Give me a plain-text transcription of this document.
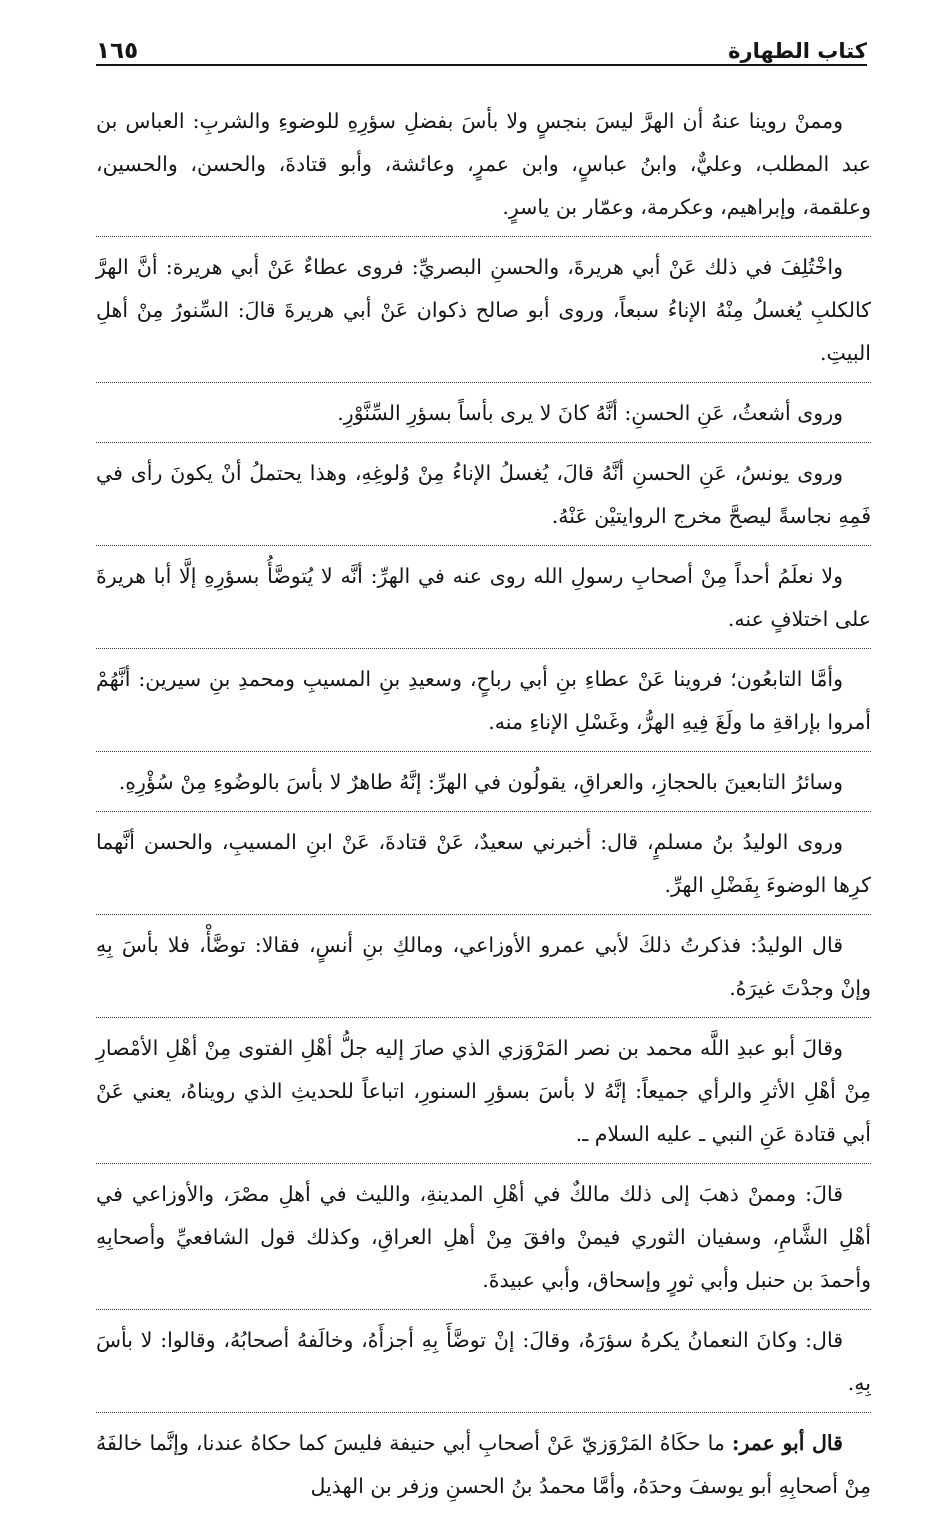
كتاب الطهارة
١٦٥

وممنْ روينا عنهُ أن الهرَّ ليسَ بنجسٍ ولا بأسَ بفضلِ سؤرِهِ للوضوءِ والشربِ: العباس بن عبد المطلب، وعليٌّ، وابنُ عباسٍ، وابن عمرٍ، وعائشة، وأبو قتادةَ، والحسن، والحسين، وعلقمة، وإبراهيم، وعكرمة، وعمّار بن ياسرٍ.

واخْتُلِفَ في ذلك عَنْ أبي هريرةَ، والحسنِ البصريِّ: فروى عطاءٌ عَنْ أبي هريرة: أنَّ الهرَّ كالكلبِ يُغسلُ مِنْهُ الإناءُ سبعاً، وروى أبو صالح ذكوان عَنْ أبي هريرةَ قالَ: السِّنورُ مِنْ أهلِ البيتِ.

وروى أشعثُ، عَنِ الحسنِ: أنَّهُ كانَ لا يرى بأساً بسؤرِ السِّنَّوْرِ.

وروى يونسُ، عَنِ الحسنِ أنَّهُ قالَ، يُغسلُ الإناءُ مِنْ وُلوغِهِ، وهذا يحتملُ أنْ يكونَ رأى في فَمِهِ نجاسةً ليصحَّ مخرج الروايتيْن عَنْهُ.

ولا نعلَمُ أحداً مِنْ أصحابِ رسولِ الله روى عنه في الهرِّ: أنَّه لا يُتوضَّأُ بسؤرِهِ إلَّا أبا هريرةَ على اختلافٍ عنه.

وأمَّا التابعُون؛ فروينا عَنْ عطاءِ بنِ أبي رباحٍ، وسعيدِ بنِ المسيبِ ومحمدِ بنِ سيرين: أنَّهُمْ أمروا بإراقةِ ما ولَغَ فِيهِ الهرُّ، وغَسْلِ الإناءِ منه.

وسائرُ التابعينَ بالحجازِ، والعراقِ، يقولُون في الهرِّ: إنَّهُ طاهرٌ لا بأسَ بالوضُوءِ مِنْ سُؤْرِهِ.

وروى الوليدُ بنُ مسلمٍ، قال: أخبرني سعيدٌ، عَنْ قتادةَ، عَنْ ابنِ المسيبِ، والحسن أنَّهما كرِها الوضوءَ بِفَضْلِ الهرِّ.

قال الوليدُ: فذكرتُ ذلكَ لأبي عمرو الأوزاعي، ومالكِ بنِ أنسٍ، فقالا: توضَّأْ، فلا بأسَ بِهِ وإنْ وجدْتَ غيرَهُ.

وقالَ أبو عبدِ اللَّه محمد بن نصر المَرْوَزي الذي صارَ إليه جلُّ أهْلِ الفتوى مِنْ أهْلِ الأمْصارِ مِنْ أهْلِ الأثرِ والرأي جميعاً: إنَّهُ لا بأسَ بسؤرِ السنورِ، اتباعاً للحديثِ الذي رويناهُ، يعني عَنْ أبي قتادة عَنِ النبي ـ عليه السلام ـ.

قالَ: وممنْ ذهبَ إلى ذلك مالكٌ في أهْلِ المدينةِ، والليث في أهلِ مصْرَ، والأوزاعي في أهْلِ الشَّامِ، وسفيان الثوري فيمنْ وافقَ مِنْ أهلِ العراقِ، وكذلك قول الشافعيِّ وأصحابِهِ وأحمدَ بن حنبل وأبي ثورٍ وإسحاق، وأبي عبيدةَ.

قال: وكانَ النعمانُ يكرهُ سؤرَهُ، وقالَ: إنْ توضَّأَ بِهِ أجزأَهُ، وخالَفهُ أصحابُهُ، وقالوا: لا بأسَ بِهِ.

قال أبو عمر: ما حكَاهُ المَرْوَزيّ عَنْ أصحابِ أبي حنيفة فليسَ كما حكاهُ عندنا، وإنَّما خالفَهُ مِنْ أصحابِهِ أبو يوسفَ وحدَهُ، وأمَّا محمدُ بنُ الحسنِ وزفر بن الهذيل
